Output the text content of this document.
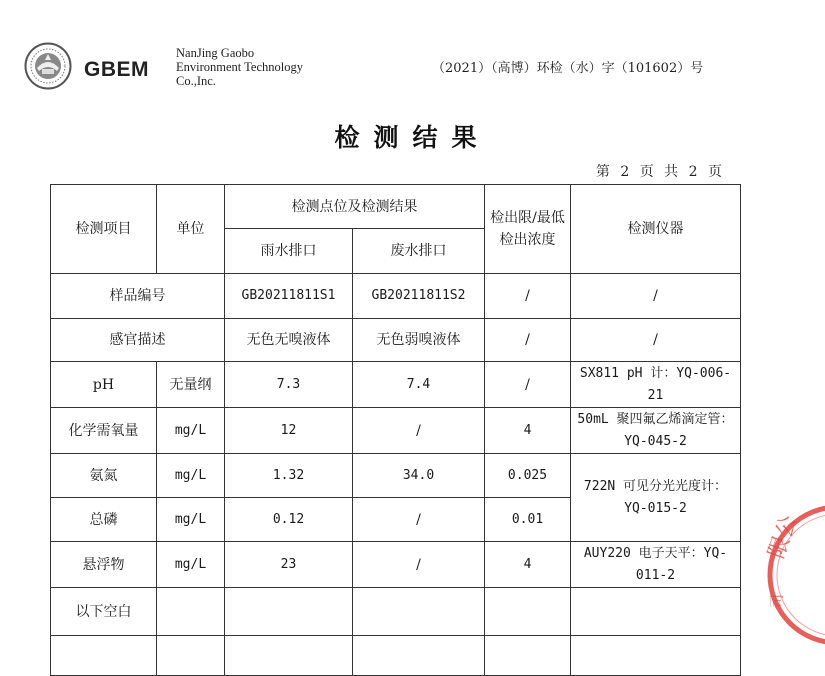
GBEM
NanJing Gaobo
Environment Technology
Co.,Inc.
（2021）（高博）环检（水）字（101602）号
检测结果
第 2 页 共 2 页
检测项目	单位	检测点位及检测结果		检出限/最低检出浓度	检测仪器
		雨水排口	废水排口		
样品编号		GB20211811S1	GB20211811S2	/	/
感官描述		无色无嗅液体	无色弱嗅液体	/	/
pH	无量纲	7.3	7.4	/	SX811 pH 计：YQ-006-21
化学需氧量	mg/L	12	/	4	50mL 聚四氟乙烯滴定管：YQ-045-2
氨氮	mg/L	1.32	34.0	0.025	722N 可见分光光度计：YQ-015-2
总磷	mg/L	0.12	/	0.01	
悬浮物	mg/L	23	/	4	AUY220 电子天平：YQ-011-2
以下空白					

限公
司
